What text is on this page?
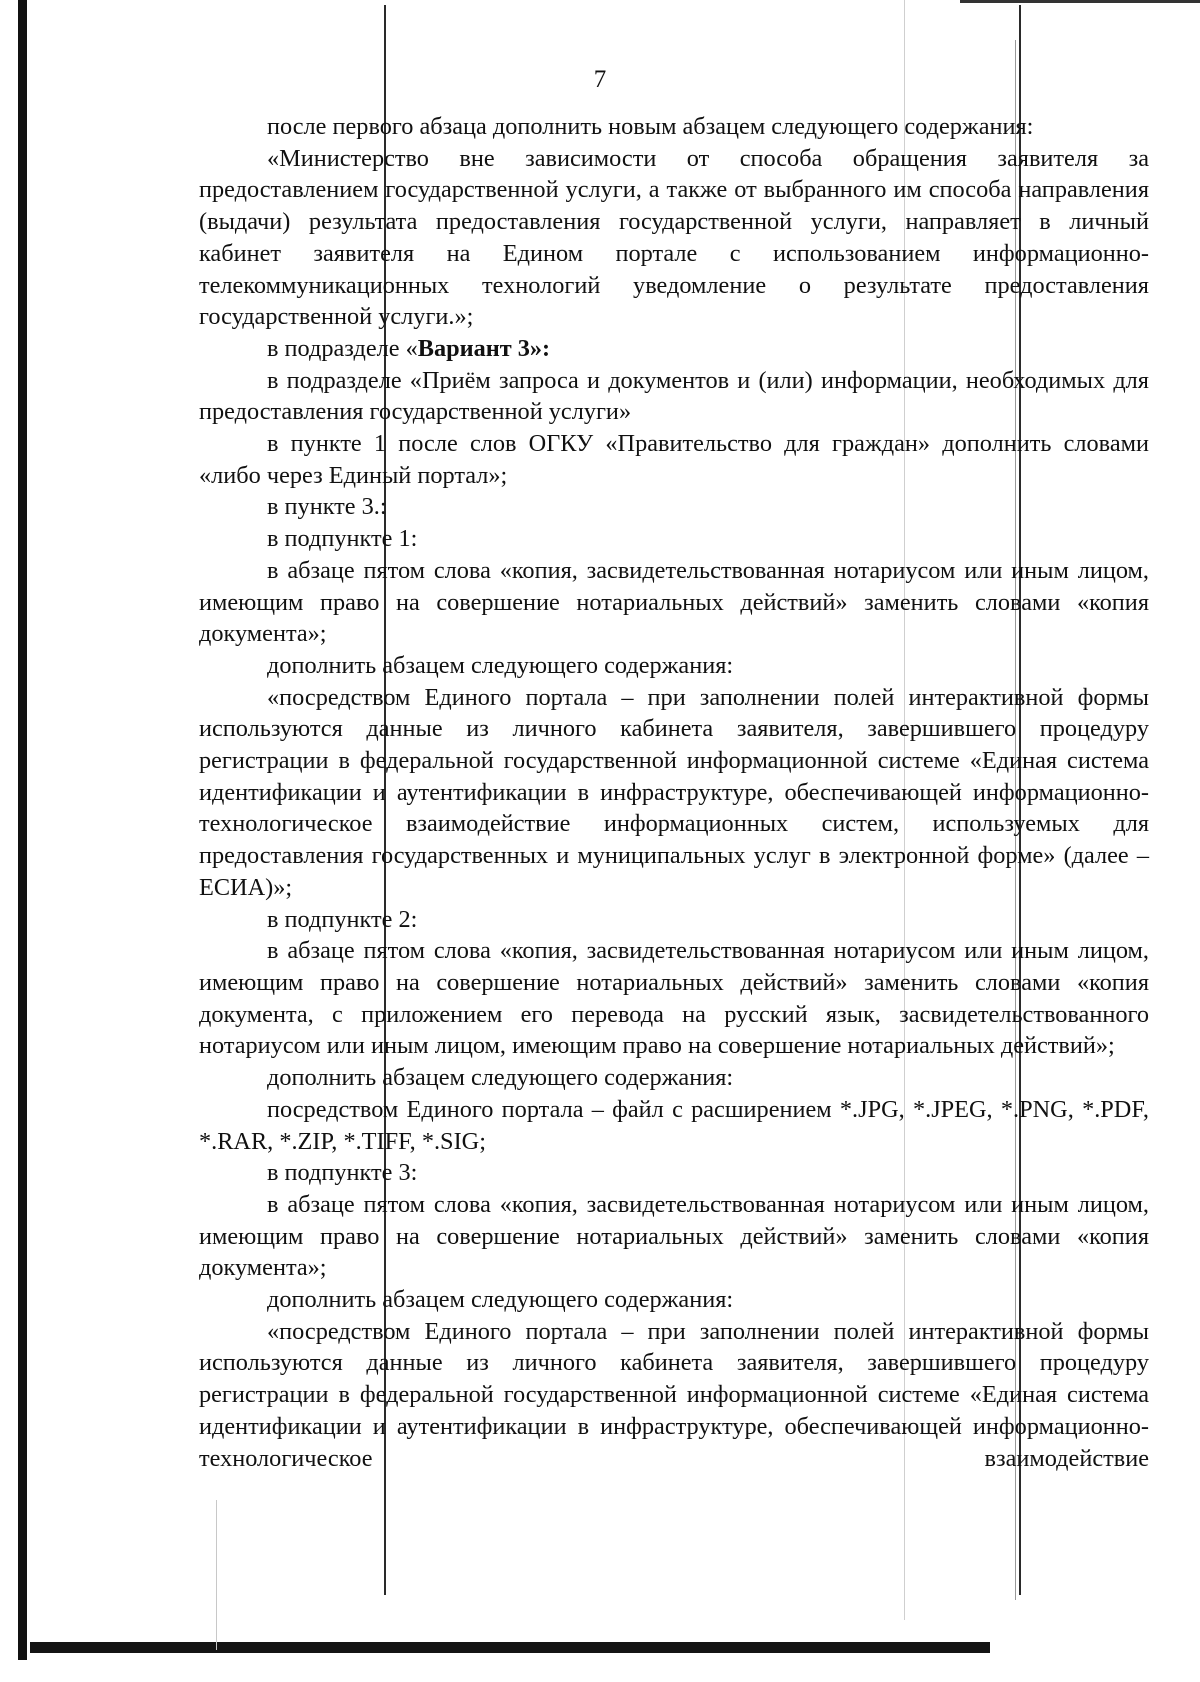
7

после первого абзаца дополнить новым абзацем следующего содержания:

«Министерство вне зависимости от способа обращения заявителя за предоставлением государственной услуги, а также от выбранного им способа направления (выдачи) результата предоставления государственной услуги, направляет в личный кабинет заявителя на Едином портале с использованием информационно-телекоммуникационных технологий уведомление о результате предоставления государственной услуги.»;

в подразделе «Вариант 3»:

в подразделе «Приём запроса и документов и (или) информации, необходимых для предоставления государственной услуги»

в пункте 1 после слов ОГКУ «Правительство для граждан» дополнить словами «либо через Единый портал»;

в пункте 3.:

в подпункте 1:

в абзаце пятом слова «копия, засвидетельствованная нотариусом или иным лицом, имеющим право на совершение нотариальных действий» заменить словами «копия документа»;

дополнить абзацем следующего содержания:

«посредством Единого портала – при заполнении полей интерактивной формы используются данные из личного кабинета заявителя, завершившего процедуру регистрации в федеральной государственной информационной системе «Единая система идентификации и аутентификации в инфраструктуре, обеспечивающей информационно-технологическое взаимодействие информационных систем, используемых для предоставления государственных и муниципальных услуг в электронной форме» (далее – ЕСИА)»;

в подпункте 2:

в абзаце пятом слова «копия, засвидетельствованная нотариусом или иным лицом, имеющим право на совершение нотариальных действий» заменить словами «копия документа, с приложением его перевода на русский язык, засвидетельствованного нотариусом или иным лицом, имеющим право на совершение нотариальных действий»;

дополнить абзацем следующего содержания:

посредством Единого портала – файл с расширением *.JPG, *.JPEG, *.PNG, *.PDF, *.RAR, *.ZIP, *.TIFF, *.SIG;

в подпункте 3:

в абзаце пятом слова «копия, засвидетельствованная нотариусом или иным лицом, имеющим право на совершение нотариальных действий» заменить словами «копия документа»;

дополнить абзацем следующего содержания:

«посредством Единого портала – при заполнении полей интерактивной формы используются данные из личного кабинета заявителя, завершившего процедуру регистрации в федеральной государственной информационной системе «Единая система идентификации и аутентификации в инфраструктуре, обеспечивающей информационно-технологическое взаимодействие
